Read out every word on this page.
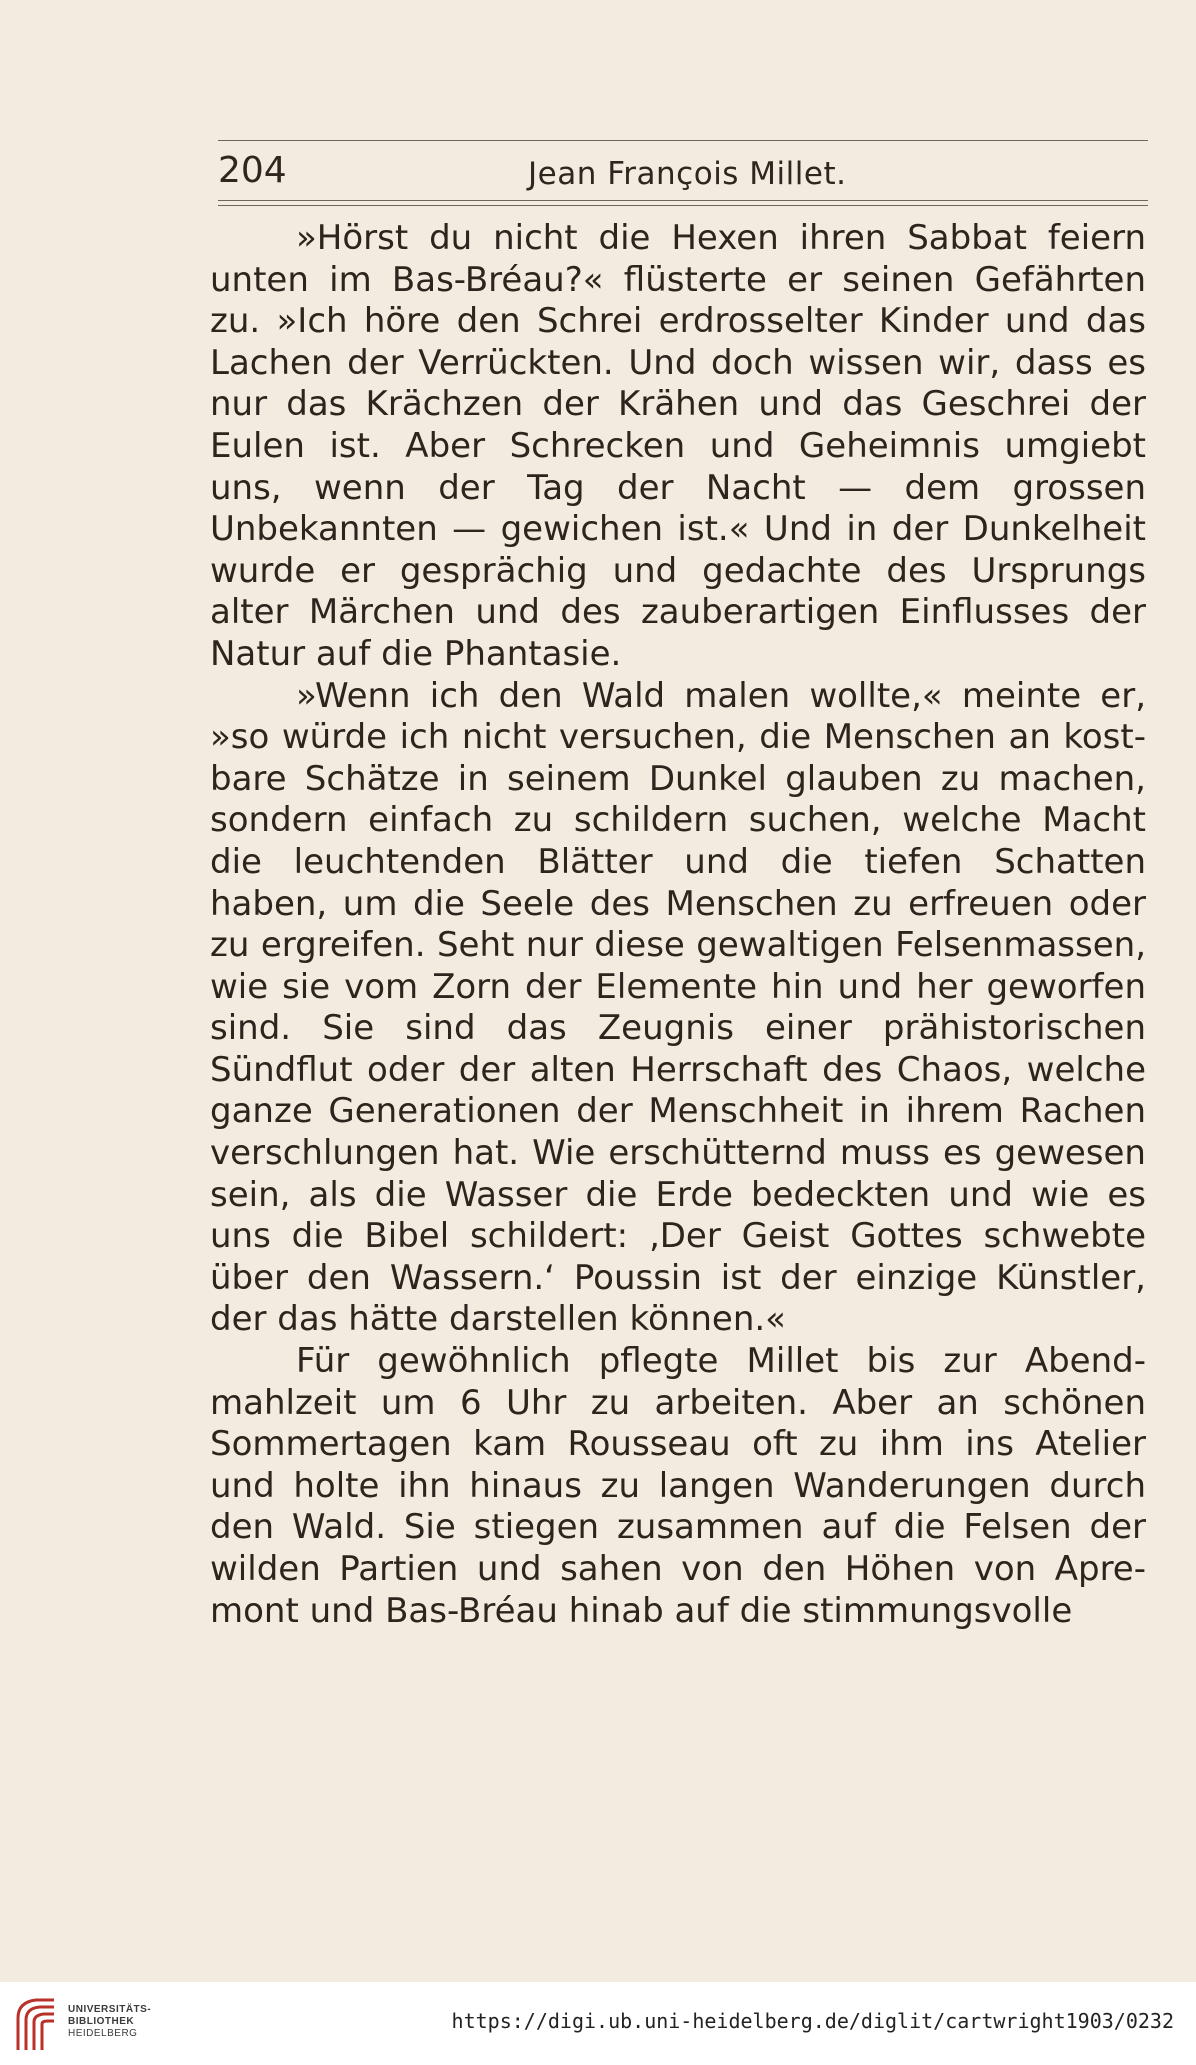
204	Jean François Millet.

»Hörst du nicht die Hexen ihren Sabbat feiern unten im Bas-Bréau?« flüsterte er seinen Gefährten zu. »Ich höre den Schrei erdrosselter Kinder und das Lachen der Verrückten. Und doch wissen wir, dass es nur das Krächzen der Krähen und das Geschrei der Eulen ist. Aber Schrecken und Geheimnis umgiebt uns, wenn der Tag der Nacht — dem grossen Unbekannten — gewichen ist.« Und in der Dunkelheit wurde er gesprächig und gedachte des Ursprungs alter Märchen und des zauberartigen Einflusses der Natur auf die Phantasie.

»Wenn ich den Wald malen wollte,« meinte er, »so würde ich nicht versuchen, die Menschen an kostbare Schätze in seinem Dunkel glauben zu machen, sondern einfach zu schildern suchen, welche Macht die leuchtenden Blätter und die tiefen Schatten haben, um die Seele des Menschen zu erfreuen oder zu ergreifen. Seht nur diese gewaltigen Felsenmassen, wie sie vom Zorn der Elemente hin und her geworfen sind. Sie sind das Zeugnis einer prähistorischen Sündflut oder der alten Herrschaft des Chaos, welche ganze Generationen der Menschheit in ihrem Rachen verschlungen hat. Wie erschütternd muss es gewesen sein, als die Wasser die Erde bedeckten und wie es uns die Bibel schildert: ‚Der Geist Gottes schwebte über den Wassern.‘ Poussin ist der einzige Künstler, der das hätte darstellen können.«

Für gewöhnlich pflegte Millet bis zur Abendmahlzeit um 6 Uhr zu arbeiten. Aber an schönen Sommertagen kam Rousseau oft zu ihm ins Atelier und holte ihn hinaus zu langen Wanderungen durch den Wald. Sie stiegen zusammen auf die Felsen der wilden Partien und sahen von den Höhen von Apremont und Bas-Bréau hinab auf die stimmungsvolle

UNIVERSITÄTS-
BIBLIOTHEK
HEIDELBERG
https://digi.ub.uni-heidelberg.de/diglit/cartwright1903/0232
